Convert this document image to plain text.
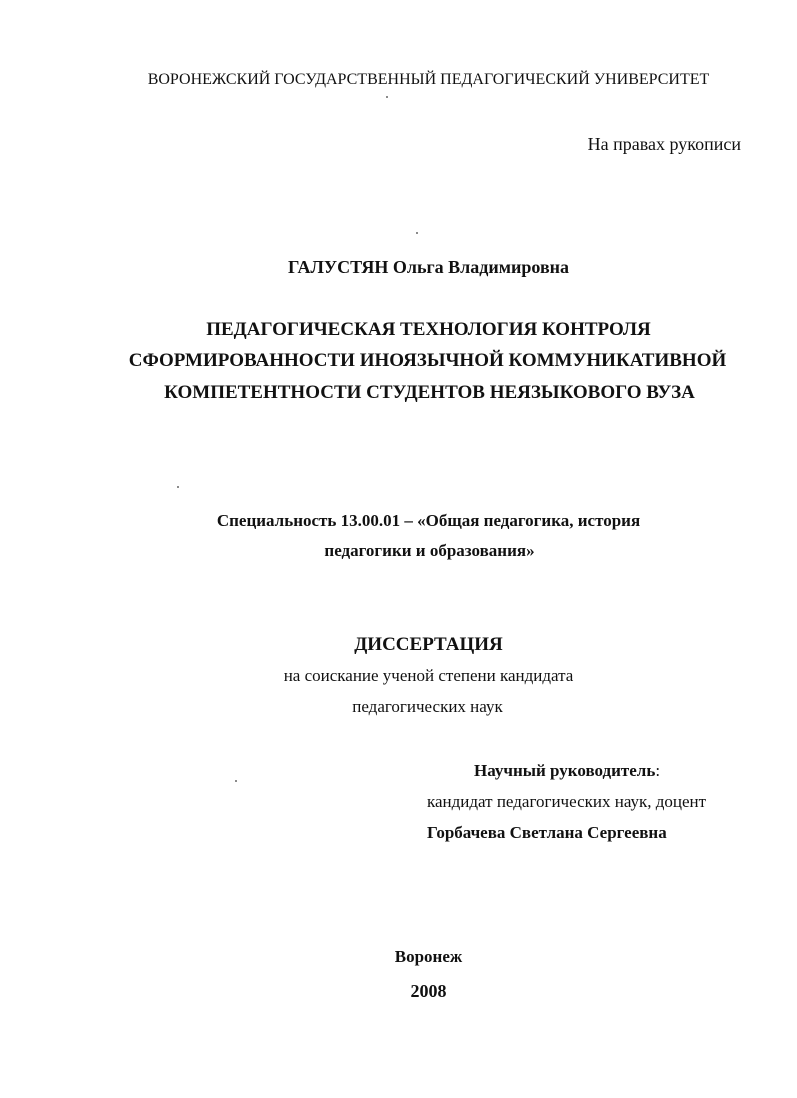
ВОРОНЕЖСКИЙ ГОСУДАРСТВЕННЫЙ ПЕДАГОГИЧЕСКИЙ УНИВЕРСИТЕТ
На правах рукописи
ГАЛУСТЯН Ольга Владимировна
ПЕДАГОГИЧЕСКАЯ ТЕХНОЛОГИЯ КОНТРОЛЯ
СФОРМИРОВАННОСТИ ИНОЯЗЫЧНОЙ КОММУНИКАТИВНОЙ
КОМПЕТЕНТНОСТИ СТУДЕНТОВ НЕЯЗЫКОВОГО ВУЗА
Специальность 13.00.01 – «Общая педагогика, история
педагогики и образования»
ДИССЕРТАЦИЯ
на соискание ученой степени кандидата
педагогических наук
Научный руководитель:
кандидат педагогических наук, доцент
Горбачева Светлана Сергеевна
Воронеж
2008
